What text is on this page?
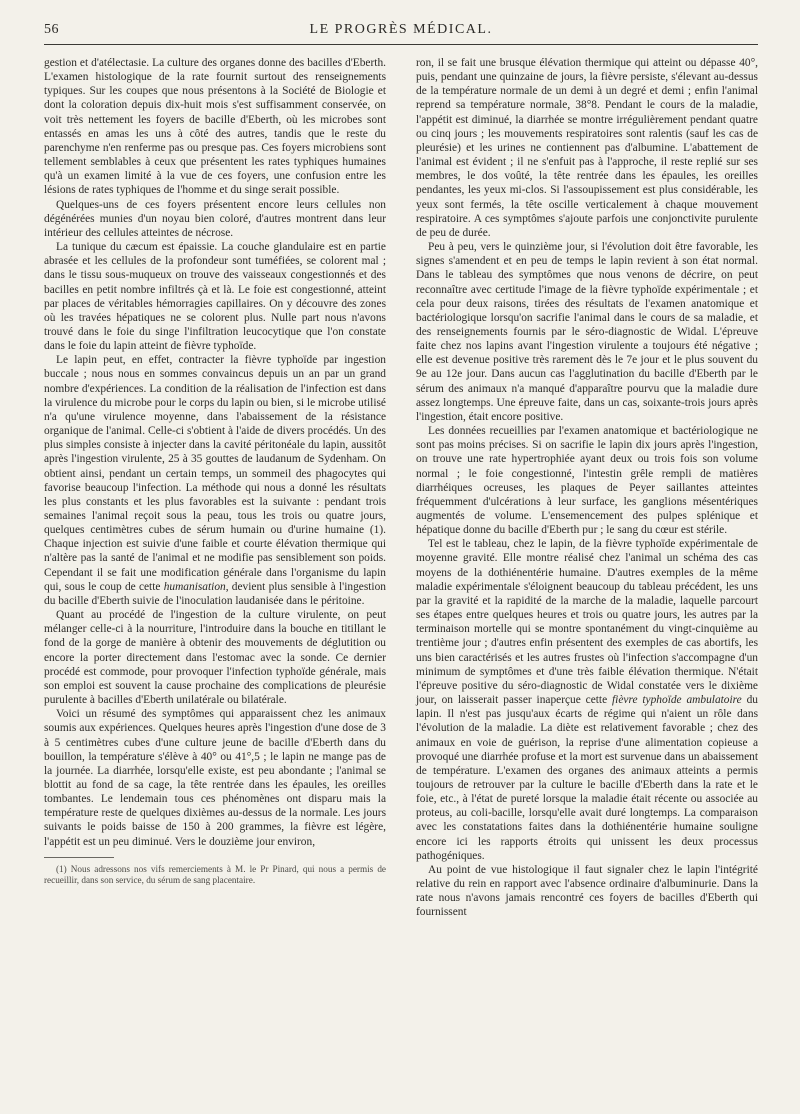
56	LE PROGRÈS MÉDICAL.

gestion et d'atélectasie. La culture des organes donne des bacilles d'Eberth. L'examen histologique de la rate fournit surtout des renseignements typiques. Sur les coupes que nous présentons à la Société de Biologie et dont la coloration depuis dix-huit mois s'est suffisamment conservée, on voit très nettement les foyers de bacille d'Eberth, où les microbes sont entassés en amas les uns à côté des autres, tandis que le reste du parenchyme n'en renferme pas ou presque pas. Ces foyers microbiens sont tellement semblables à ceux que présentent les rates typhiques humaines qu'à un examen limité à la vue de ces foyers, une confusion entre les lésions de rates typhiques de l'homme et du singe serait possible.

Quelques-uns de ces foyers présentent encore leurs cellules non dégénérées munies d'un noyau bien coloré, d'autres montrent dans leur intérieur des cellules atteintes de nécrose.

La tunique du cæcum est épaissie. La couche glandulaire est en partie abrasée et les cellules de la profondeur sont tuméfiées, se colorent mal ; dans le tissu sous-muqueux on trouve des vaisseaux congestionnés et des bacilles en petit nombre infiltrés çà et là. Le foie est congestionné, atteint par places de véritables hémorragies capillaires. On y découvre des zones où les travées hépatiques ne se colorent plus. Nulle part nous n'avons trouvé dans le foie du singe l'infiltration leucocytique que l'on constate dans le foie du lapin atteint de fièvre typhoïde.

Le lapin peut, en effet, contracter la fièvre typhoïde par ingestion buccale ; nous nous en sommes convaincus depuis un an par un grand nombre d'expériences. La condition de la réalisation de l'infection est dans la virulence du microbe pour le corps du lapin ou bien, si le microbe utilisé n'a qu'une virulence moyenne, dans l'abaissement de la résistance organique de l'animal. Celle-ci s'obtient à l'aide de divers procédés. Un des plus simples consiste à injecter dans la cavité péritonéale du lapin, aussitôt après l'ingestion virulente, 25 à 35 gouttes de laudanum de Sydenham. On obtient ainsi, pendant un certain temps, un sommeil des phagocytes qui favorise beaucoup l'infection. La méthode qui nous a donné les résultats les plus constants et les plus favorables est la suivante : pendant trois semaines l'animal reçoit sous la peau, tous les trois ou quatre jours, quelques centimètres cubes de sérum humain ou d'urine humaine (1). Chaque injection est suivie d'une faible et courte élévation thermique qui n'altère pas la santé de l'animal et ne modifie pas sensiblement son poids. Cependant il se fait une modification générale dans l'organisme du lapin qui, sous le coup de cette humanisation, devient plus sensible à l'ingestion du bacille d'Eberth suivie de l'inoculation laudanisée dans le péritoine.

Quant au procédé de l'ingestion de la culture virulente, on peut mélanger celle-ci à la nourriture, l'introduire dans la bouche en titillant le fond de la gorge de manière à obtenir des mouvements de déglutition ou encore la porter directement dans l'estomac avec la sonde. Ce dernier procédé est commode, pour provoquer l'infection typhoïde générale, mais son emploi est souvent la cause prochaine des complications de pleurésie purulente à bacilles d'Eberth unilatérale ou bilatérale.

Voici un résumé des symptômes qui apparaissent chez les animaux soumis aux expériences. Quelques heures après l'ingestion d'une dose de 3 à 5 centimètres cubes d'une culture jeune de bacille d'Eberth dans du bouillon, la température s'élève à 40° ou 41°,5 ; le lapin ne mange pas de la journée. La diarrhée, lorsqu'elle existe, est peu abondante ; l'animal se blottit au fond de sa cage, la tête rentrée dans les épaules, les oreilles tombantes. Le lendemain tous ces phénomènes ont disparu mais la température reste de quelques dixièmes au-dessus de la normale. Les jours suivants le poids baisse de 150 à 200 grammes, la fièvre est légère, l'appétit est un peu diminué. Vers le douzième jour environ,

(1) Nous adressons nos vifs remerciements à M. le Pr Pinard, qui nous a permis de recueillir, dans son service, du sérum de sang placentaire.

ron, il se fait une brusque élévation thermique qui atteint ou dépasse 40°, puis, pendant une quinzaine de jours, la fièvre persiste, s'élevant au-dessus de la température normale de un demi à un degré et demi ; enfin l'animal reprend sa température normale, 38°8. Pendant le cours de la maladie, l'appétit est diminué, la diarrhée se montre irrégulièrement pendant quatre ou cinq jours ; les mouvements respiratoires sont ralentis (sauf les cas de pleurésie) et les urines ne contiennent pas d'albumine. L'abattement de l'animal est évident ; il ne s'enfuit pas à l'approche, il reste replié sur ses membres, le dos voûté, la tête rentrée dans les épaules, les oreilles pendantes, les yeux mi-clos. Si l'assoupissement est plus considérable, les yeux sont fermés, la tête oscille verticalement à chaque mouvement respiratoire. A ces symptômes s'ajoute parfois une conjonctivite purulente de peu de durée.

Peu à peu, vers le quinzième jour, si l'évolution doit être favorable, les signes s'amendent et en peu de temps le lapin revient à son état normal. Dans le tableau des symptômes que nous venons de décrire, on peut reconnaître avec certitude l'image de la fièvre typhoïde expérimentale ; et cela pour deux raisons, tirées des résultats de l'examen anatomique et bactériologique lorsqu'on sacrifie l'animal dans le cours de sa maladie, et des renseignements fournis par le séro-diagnostic de Widal. L'épreuve faite chez nos lapins avant l'ingestion virulente a toujours été négative ; elle est devenue positive très rarement dès le 7e jour et le plus souvent du 9e au 12e jour. Dans aucun cas l'agglutination du bacille d'Eberth par le sérum des animaux n'a manqué d'apparaître pourvu que la maladie dure assez longtemps. Une épreuve faite, dans un cas, soixante-trois jours après l'ingestion, était encore positive.

Les données recueillies par l'examen anatomique et bactériologique ne sont pas moins précises. Si on sacrifie le lapin dix jours après l'ingestion, on trouve une rate hypertrophiée ayant deux ou trois fois son volume normal ; le foie congestionné, l'intestin grêle rempli de matières diarrhéiques ocreuses, les plaques de Peyer saillantes atteintes fréquemment d'ulcérations à leur surface, les ganglions mésentériques augmentés de volume. L'ensemencement des pulpes splénique et hépatique donne du bacille d'Eberth pur ; le sang du cœur est stérile.

Tel est le tableau, chez le lapin, de la fièvre typhoïde expérimentale de moyenne gravité. Elle montre réalisé chez l'animal un schéma des cas moyens de la dothiénentérie humaine. D'autres exemples de la même maladie expérimentale s'éloignent beaucoup du tableau précédent, les uns par la gravité et la rapidité de la marche de la maladie, laquelle parcourt ses étapes entre quelques heures et trois ou quatre jours, les autres par la terminaison mortelle qui se montre spontanément du vingt-cinquième au trentième jour ; d'autres enfin présentent des exemples de cas abortifs, les uns bien caractérisés et les autres frustes où l'infection s'accompagne d'un minimum de symptômes et d'une très faible élévation thermique. N'était l'épreuve positive du séro-diagnostic de Widal constatée vers le dixième jour, on laisserait passer inaperçue cette fièvre typhoïde ambulatoire du lapin. Il n'est pas jusqu'aux écarts de régime qui n'aient un rôle dans l'évolution de la maladie. La diète est relativement favorable ; chez des animaux en voie de guérison, la reprise d'une alimentation copieuse a provoqué une diarrhée profuse et la mort est survenue dans un abaissement de température. L'examen des organes des animaux atteints a permis toujours de retrouver par la culture le bacille d'Eberth dans la rate et le foie, etc., à l'état de pureté lorsque la maladie était récente ou associée au proteus, au coli-bacille, lorsqu'elle avait duré longtemps. La comparaison avec les constatations faites dans la dothiénentérie humaine souligne encore ici les rapports étroits qui unissent les deux processus pathogéniques.

Au point de vue histologique il faut signaler chez le lapin l'intégrité relative du rein en rapport avec l'absence ordinaire d'albuminurie. Dans la rate nous n'avons jamais rencontré ces foyers de bacilles d'Eberth qui fournissent
